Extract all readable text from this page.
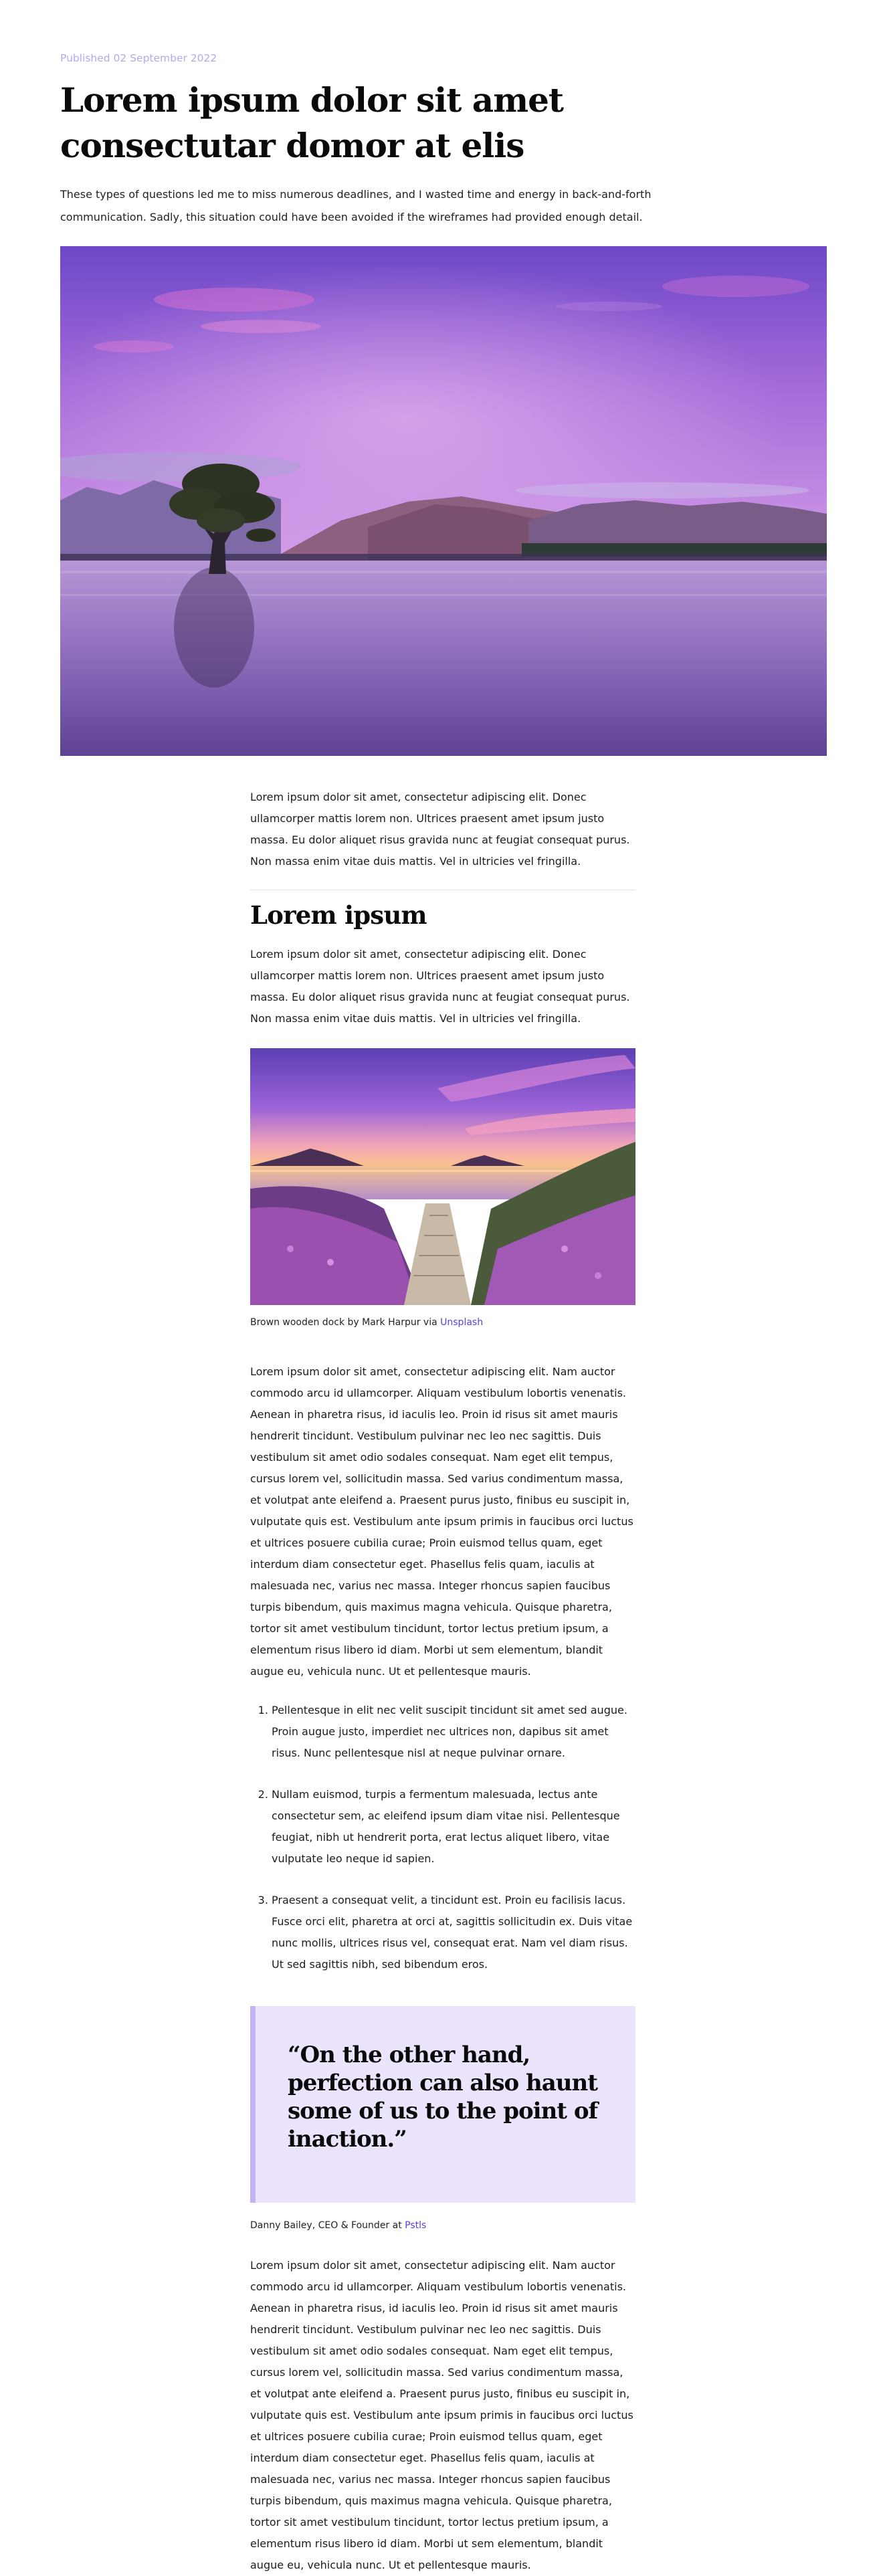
Published 02 September 2022

Lorem ipsum dolor sit amet consectutar domor at elis

These types of questions led me to miss numerous deadlines, and I wasted time and energy in back-and-forth communication. Sadly, this situation could have been avoided if the wireframes had provided enough detail.

Lorem ipsum dolor sit amet, consectetur adipiscing elit. Donec ullamcorper mattis lorem non. Ultrices praesent amet ipsum justo massa. Eu dolor aliquet risus gravida nunc at feugiat consequat purus. Non massa enim vitae duis mattis. Vel in ultricies vel fringilla.

Lorem ipsum

Lorem ipsum dolor sit amet, consectetur adipiscing elit. Donec ullamcorper mattis lorem non. Ultrices praesent amet ipsum justo massa. Eu dolor aliquet risus gravida nunc at feugiat consequat purus. Non massa enim vitae duis mattis. Vel in ultricies vel fringilla.

Brown wooden dock by Mark Harpur via Unsplash

Lorem ipsum dolor sit amet, consectetur adipiscing elit. Nam auctor commodo arcu id ullamcorper. Aliquam vestibulum lobortis venenatis. Aenean in pharetra risus, id iaculis leo. Proin id risus sit amet mauris hendrerit tincidunt. Vestibulum pulvinar nec leo nec sagittis. Duis vestibulum sit amet odio sodales consequat. Nam eget elit tempus, cursus lorem vel, sollicitudin massa. Sed varius condimentum massa, et volutpat ante eleifend a. Praesent purus justo, finibus eu suscipit in, vulputate quis est. Vestibulum ante ipsum primis in faucibus orci luctus et ultrices posuere cubilia curae; Proin euismod tellus quam, eget interdum diam consectetur eget. Phasellus felis quam, iaculis at malesuada nec, varius nec massa. Integer rhoncus sapien faucibus turpis bibendum, quis maximus magna vehicula. Quisque pharetra, tortor sit amet vestibulum tincidunt, tortor lectus pretium ipsum, a elementum risus libero id diam. Morbi ut sem elementum, blandit augue eu, vehicula nunc. Ut et pellentesque mauris.

1. Pellentesque in elit nec velit suscipit tincidunt sit amet sed augue. Proin augue justo, imperdiet nec ultrices non, dapibus sit amet risus. Nunc pellentesque nisl at neque pulvinar ornare.
2. Nullam euismod, turpis a fermentum malesuada, lectus ante consectetur sem, ac eleifend ipsum diam vitae nisi. Pellentesque feugiat, nibh ut hendrerit porta, erat lectus aliquet libero, vitae vulputate leo neque id sapien.
3. Praesent a consequat velit, a tincidunt est. Proin eu facilisis lacus. Fusce orci elit, pharetra at orci at, sagittis sollicitudin ex. Duis vitae nunc mollis, ultrices risus vel, consequat erat. Nam vel diam risus. Ut sed sagittis nibh, sed bibendum eros.

“On the other hand, perfection can also haunt some of us to the point of inaction.”

Danny Bailey, CEO & Founder at Pstls

Lorem ipsum dolor sit amet, consectetur adipiscing elit. Nam auctor commodo arcu id ullamcorper. Aliquam vestibulum lobortis venenatis. Aenean in pharetra risus, id iaculis leo. Proin id risus sit amet mauris hendrerit tincidunt. Vestibulum pulvinar nec leo nec sagittis. Duis vestibulum sit amet odio sodales consequat. Nam eget elit tempus, cursus lorem vel, sollicitudin massa. Sed varius condimentum massa, et volutpat ante eleifend a. Praesent purus justo, finibus eu suscipit in, vulputate quis est. Vestibulum ante ipsum primis in faucibus orci luctus et ultrices posuere cubilia curae; Proin euismod tellus quam, eget interdum diam consectetur eget. Phasellus felis quam, iaculis at malesuada nec, varius nec massa. Integer rhoncus sapien faucibus turpis bibendum, quis maximus magna vehicula. Quisque pharetra, tortor sit amet vestibulum tincidunt, tortor lectus pretium ipsum, a elementum risus libero id diam. Morbi ut sem elementum, blandit augue eu, vehicula nunc. Ut et pellentesque mauris.
